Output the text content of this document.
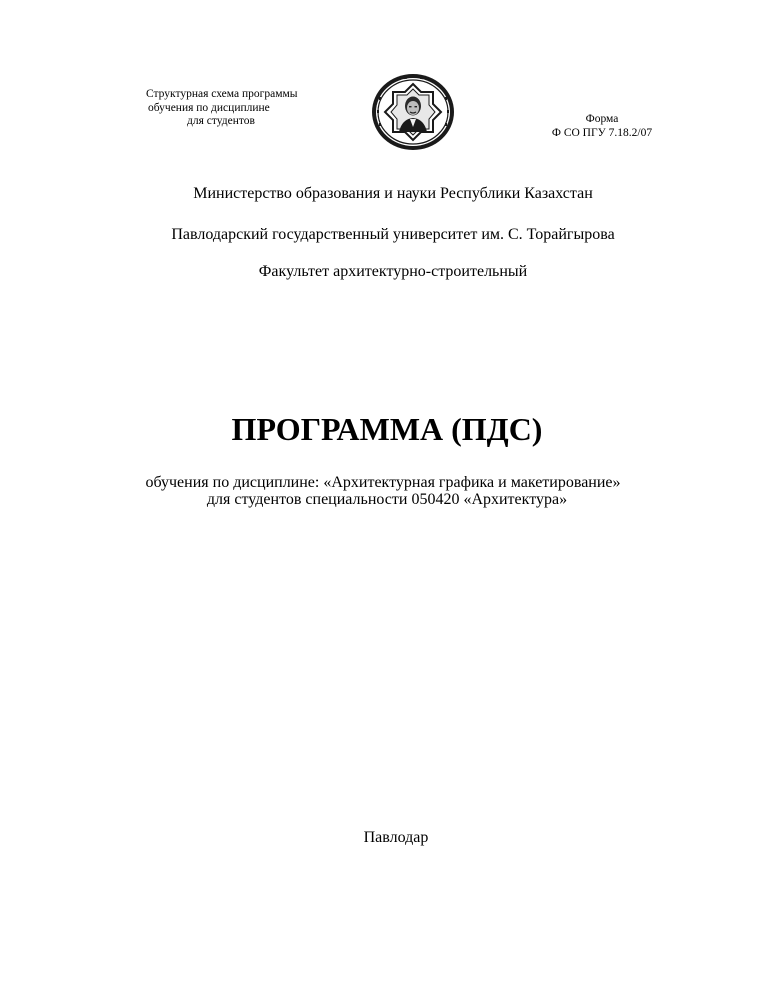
Структурная схема программы
обучения по дисциплине
для студентов	Форма
Ф СО ПГУ 7.18.2/07
Министерство образования и науки Республики Казахстан
Павлодарский государственный университет им. С. Торайгырова
Факультет архитектурно-строительный
ПРОГРАММА (ПДС)
обучения по дисциплине: «Архитектурная графика и макетирование»
для студентов специальности 050420 «Архитектура»
Павлодар
